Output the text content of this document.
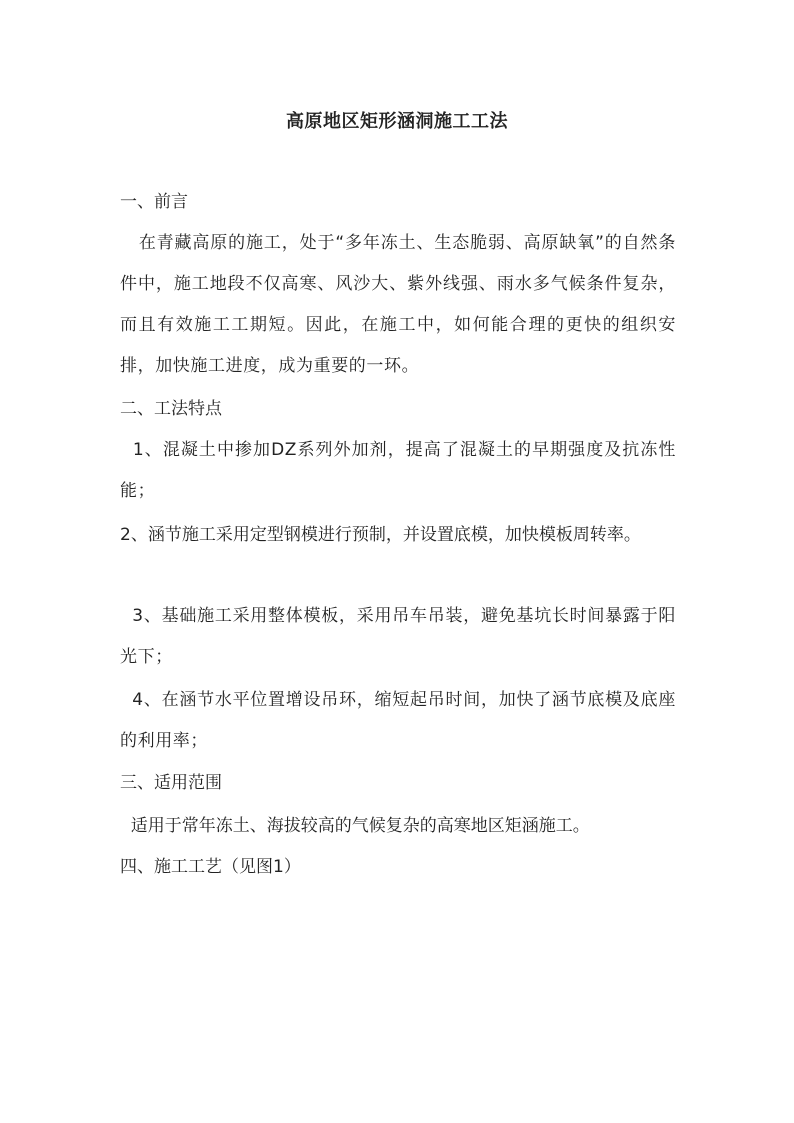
高原地区矩形涵洞施工工法
一、前言
在青藏高原的施工，处于“多年冻土、生态脆弱、高原缺氧”的自然条件中，施工地段不仅高寒、风沙大、紫外线强、雨水多气候条件复杂，而且有效施工工期短。因此，在施工中，如何能合理的更快的组织安排，加快施工进度，成为重要的一环。
二、工法特点
1、混凝土中掺加DZ系列外加剂，提高了混凝土的早期强度及抗冻性能；
2、涵节施工采用定型钢模进行预制，并设置底模，加快模板周转率。
3、基础施工采用整体模板，采用吊车吊装，避免基坑长时间暴露于阳光下；
4、在涵节水平位置增设吊环，缩短起吊时间，加快了涵节底模及底座的利用率；
三、适用范围
适用于常年冻土、海拔较高的气候复杂的高寒地区矩涵施工。
四、施工工艺（见图1）
